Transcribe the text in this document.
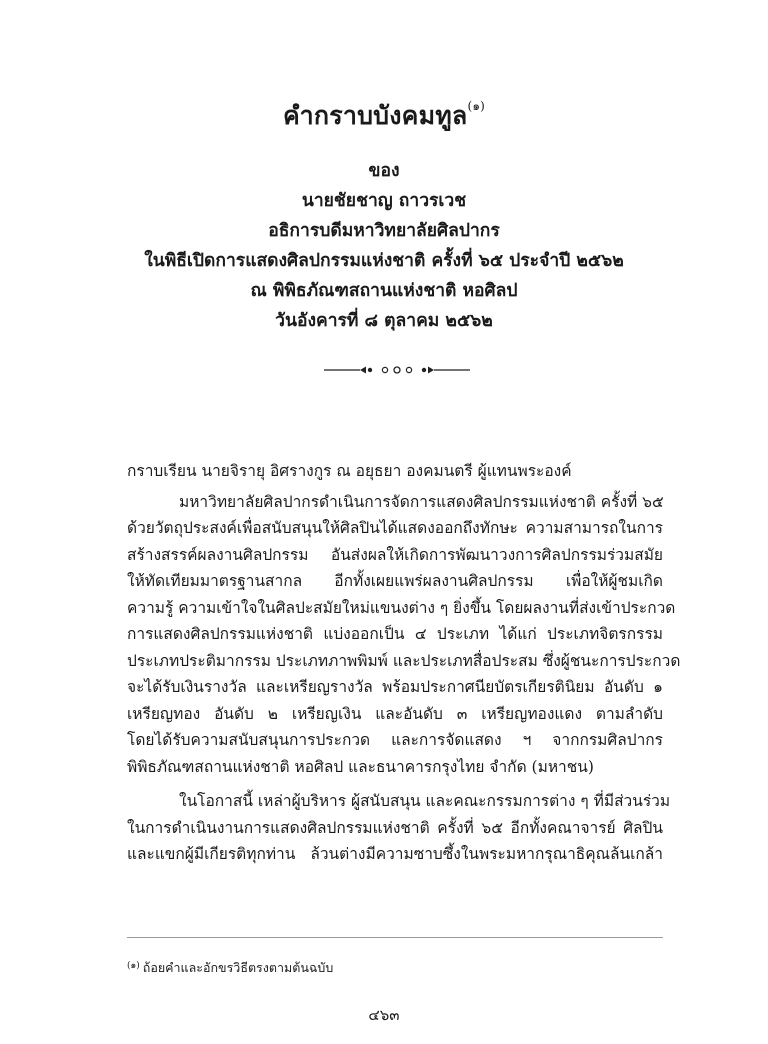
คำกราบบังคมทูล$^{(๑)}$
ของ
นายชัยชาญ ถาวรเวช
อธิการบดีมหาวิทยาลัยศิลปากร
ในพิธีเปิดการแสดงศิลปกรรมแห่งชาติ ครั้งที่ ๖๕ ประจำปี ๒๕๖๒
ณ พิพิธภัณฑสถานแห่งชาติ หอศิลป
วันอังคารที่ ๘ ตุลาคม ๒๕๖๒
กราบเรียน นายจิรายุ อิศรางกูร ณ อยุธยา องคมนตรี ผู้แทนพระองค์
มหาวิทยาลัยศิลปากรดำเนินการจัดการแสดงศิลปกรรมแห่งชาติ ครั้งที่ ๖๕
ด้วยวัตถุประสงค์เพื่อสนับสนุนให้ศิลปินได้แสดงออกถึงทักษะ ความสามารถในการ
สร้างสรรค์ผลงานศิลปกรรม อันส่งผลให้เกิดการพัฒนาวงการศิลปกรรมร่วมสมัย
ให้ทัดเทียมมาตรฐานสากล อีกทั้งเผยแพร่ผลงานศิลปกรรม เพื่อให้ผู้ชมเกิด
ความรู้ ความเข้าใจในศิลปะสมัยใหม่แขนงต่าง ๆ ยิ่งขึ้น โดยผลงานที่ส่งเข้าประกวด
การแสดงศิลปกรรมแห่งชาติ แบ่งออกเป็น ๔ ประเภท ได้แก่ ประเภทจิตรกรรม
ประเภทประติมากรรม ประเภทภาพพิมพ์ และประเภทสื่อประสม ซึ่งผู้ชนะการประกวด
จะได้รับเงินรางวัล และเหรียญรางวัล พร้อมประกาศนียบัตรเกียรตินิยม อันดับ ๑
เหรียญทอง อันดับ ๒ เหรียญเงิน และอันดับ ๓ เหรียญทองแดง ตามลำดับ
โดยได้รับความสนับสนุนการประกวด และการจัดแสดง ฯ จากกรมศิลปากร
พิพิธภัณฑสถานแห่งชาติ หอศิลป และธนาคารกรุงไทย จำกัด (มหาชน)
ในโอกาสนี้ เหล่าผู้บริหาร ผู้สนับสนุน และคณะกรรมการต่าง ๆ ที่มีส่วนร่วม
ในการดำเนินงานการแสดงศิลปกรรมแห่งชาติ ครั้งที่ ๖๕ อีกทั้งคณาจารย์ ศิลปิน
และแขกผู้มีเกียรติทุกท่าน ล้วนต่างมีความซาบซึ้งในพระมหากรุณาธิคุณล้นเกล้า
$^{(๑)}$ ถ้อยคำและอักขรวิธีตรงตามต้นฉบับ
๔๖๓
